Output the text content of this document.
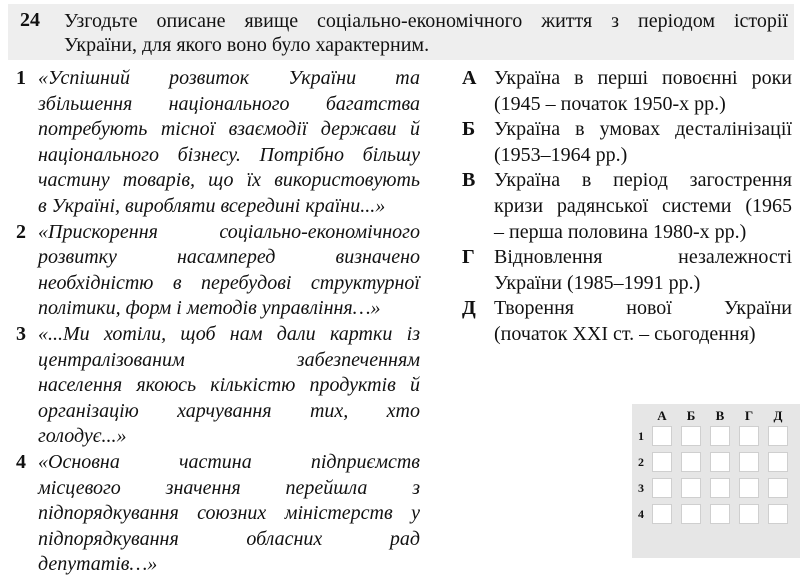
24 Узгодьте описане явище соціально-економічного життя з періодом історії
України, для якого воно було характерним.
1 «Успішний розвиток України та
збільшення національного багатства
потребують тісної взаємодії держави й
національного бізнесу. Потрібно більшу
частину товарів, що їх використовують
в Україні, виробляти всередині країни...»
2 «Прискорення соціально-економічного
розвитку насамперед визначено
необхідністю в перебудові структурної
політики, форм і методів управління…»
3 «...Ми хотіли, щоб нам дали картки із
централізованим забезпеченням
населення якоюсь кількістю продуктів й
організацію харчування тих, хто
голодує...»
4 «Основна частина підприємств
місцевого значення перейшла з
підпорядкування союзних міністерств у
підпорядкування обласних рад
депутатів…»
А Україна в перші повоєнні роки
(1945 – початок 1950-х рр.)
Б Україна в умовах десталінізації
(1953–1964 рр.)
В Україна в період загострення
кризи радянської системи (1965
– перша половина 1980-х рр.)
Г Відновлення незалежності
України (1985–1991 рр.)
Д Творення нової України
(початок XXI ст. – сьогодення)
А	Б	В	Г	Д
1
2
3
4
